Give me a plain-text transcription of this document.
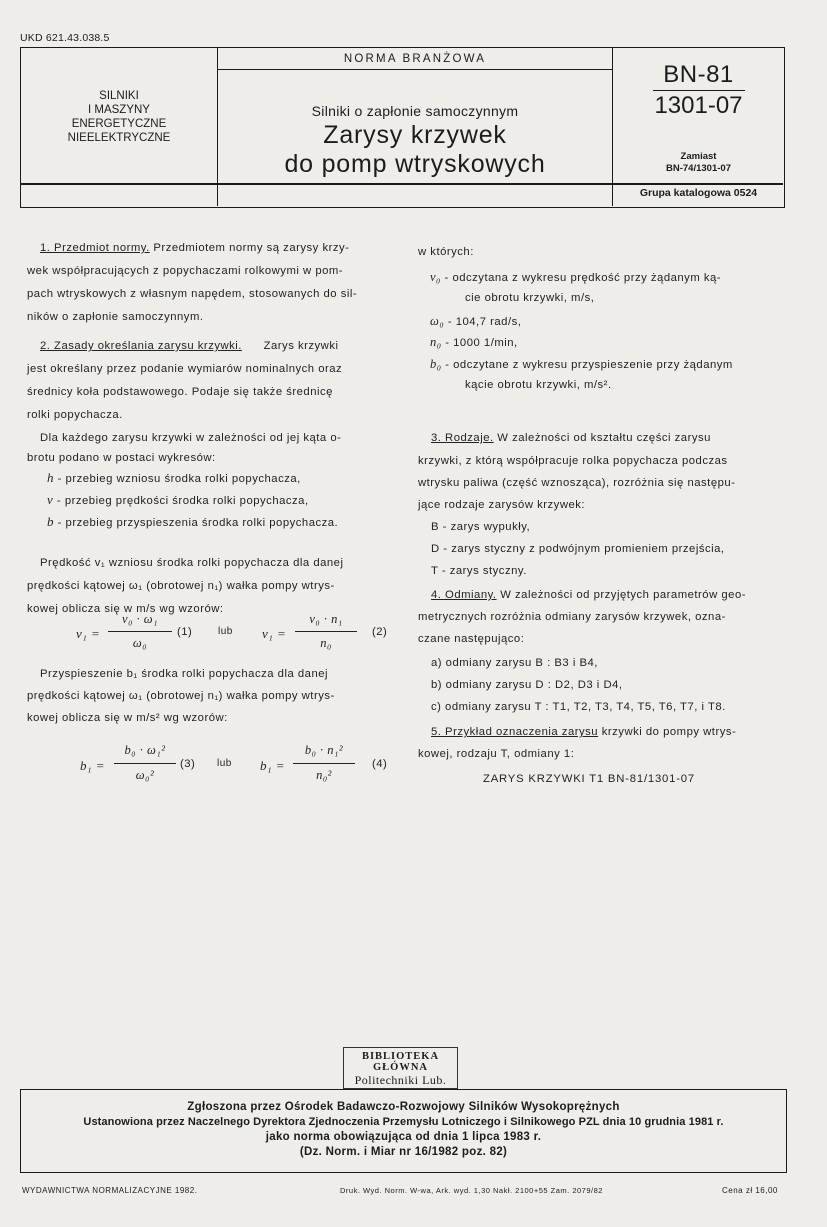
UKD 621.43.038.5
SILNIKI
I MASZYNY
ENERGETYCZNE
NIEELEKTRYCZNE
NORMA BRANŻOWA
Silniki o zapłonie samoczynnym
Zarysy krzywek
do pomp wtryskowych
BN-81
1301-07
Zamiast
BN-74/1301-07
Grupa katalogowa 0524

1. Przedmiot normy. Przedmiotem normy są zarysy krzy-

wek współpracujących z popychaczami rolkowymi w pom-

pach wtryskowych z własnym napędem, stosowanych do sil-

ników o zapłonie samoczynnym.

2. Zasady określania zarysu krzywki. Zarys krzywki

jest określany przez podanie wymiarów nominalnych oraz

średnicy koła podstawowego. Podaje się także średnicę

rolki popychacza.

Dla każdego zarysu krzywki w zależności od jej kąta o-

brotu podano w postaci wykresów:

h - przebieg wzniosu środka rolki popychacza,

v - przebieg prędkości środka rolki popychacza,

b - przebieg przyspieszenia środka rolki popychacza.

Prędkość v₁ wzniosu środka rolki popychacza dla danej

prędkości kątowej ω₁ (obrotowej n₁) wałka pompy wtrys-

kowej oblicza się w m/s wg wzorów:

v₁ =

v₀ · ω₁
ω₀

(1)	lub v₁ =

v₀ · n₁
n₀

(2)

Przyspieszenie b₁ środka rolki popychacza dla danej

prędkości kątowej ω₁ (obrotowej n₁) wałka pompy wtrys-

kowej oblicza się w m/s² wg wzorów:

b₁ =

b₀ · ω₁²
ω₀²

(3) lub b₁ =

b₀ · n₁²
n₀²

(4)

w których:

v₀ - odczytana z wykresu prędkość przy żądanym ką-

cie obrotu krzywki, m/s,

ω₀ - 104,7 rad/s,

n₀ - 1000 1/min,

b₀ - odczytane z wykresu przyspieszenie przy żądanym

kącie obrotu krzywki, m/s².

3. Rodzaje. W zależności od kształtu części zarysu

krzywki, z którą współpracuje rolka popychacza podczas

wtrysku paliwa (część wznosząca), rozróżnia się następu-

jące rodzaje zarysów krzywek:

B - zarys wypukły,

D - zarys styczny z podwójnym promieniem przejścia,

T - zarys styczny.

4. Odmiany. W zależności od przyjętych parametrów geo-

metrycznych rozróżnia odmiany zarysów krzywek, ozna-

czane następująco:

a) odmiany zarysu B : B3 i B4,

b) odmiany zarysu D : D2, D3 i D4,

c) odmiany zarysu T : T1, T2, T3, T4, T5, T6, T7, i T8.

5. Przykład oznaczenia zarysu krzywki do pompy wtrys-

kowej, rodzaju T, odmiany 1:

ZARYS KRZYWKI T1 BN-81/1301-07

BIBLIOTEKA GŁÓWNA
Politechniki Lub.
Zgłoszona przez Ośrodek Badawczo-Rozwojowy Silników Wysokoprężnych
Ustanowiona przez Naczelnego Dyrektora Zjednoczenia Przemysłu Lotniczego i Silnikowego PZL dnia 10 grudnia 1981 r.
jako norma obowiązująca od dnia 1 lipca 1983 r.
(Dz. Norm. i Miar nr 16/1982 poz. 82)
WYDAWNICTWA NORMALIZACYJNE 1982.	Druk. Wyd. Norm. W-wa, Ark. wyd. 1,30 Nakł. 2100+55 Zam. 2079/82	Cena zł 16,00
